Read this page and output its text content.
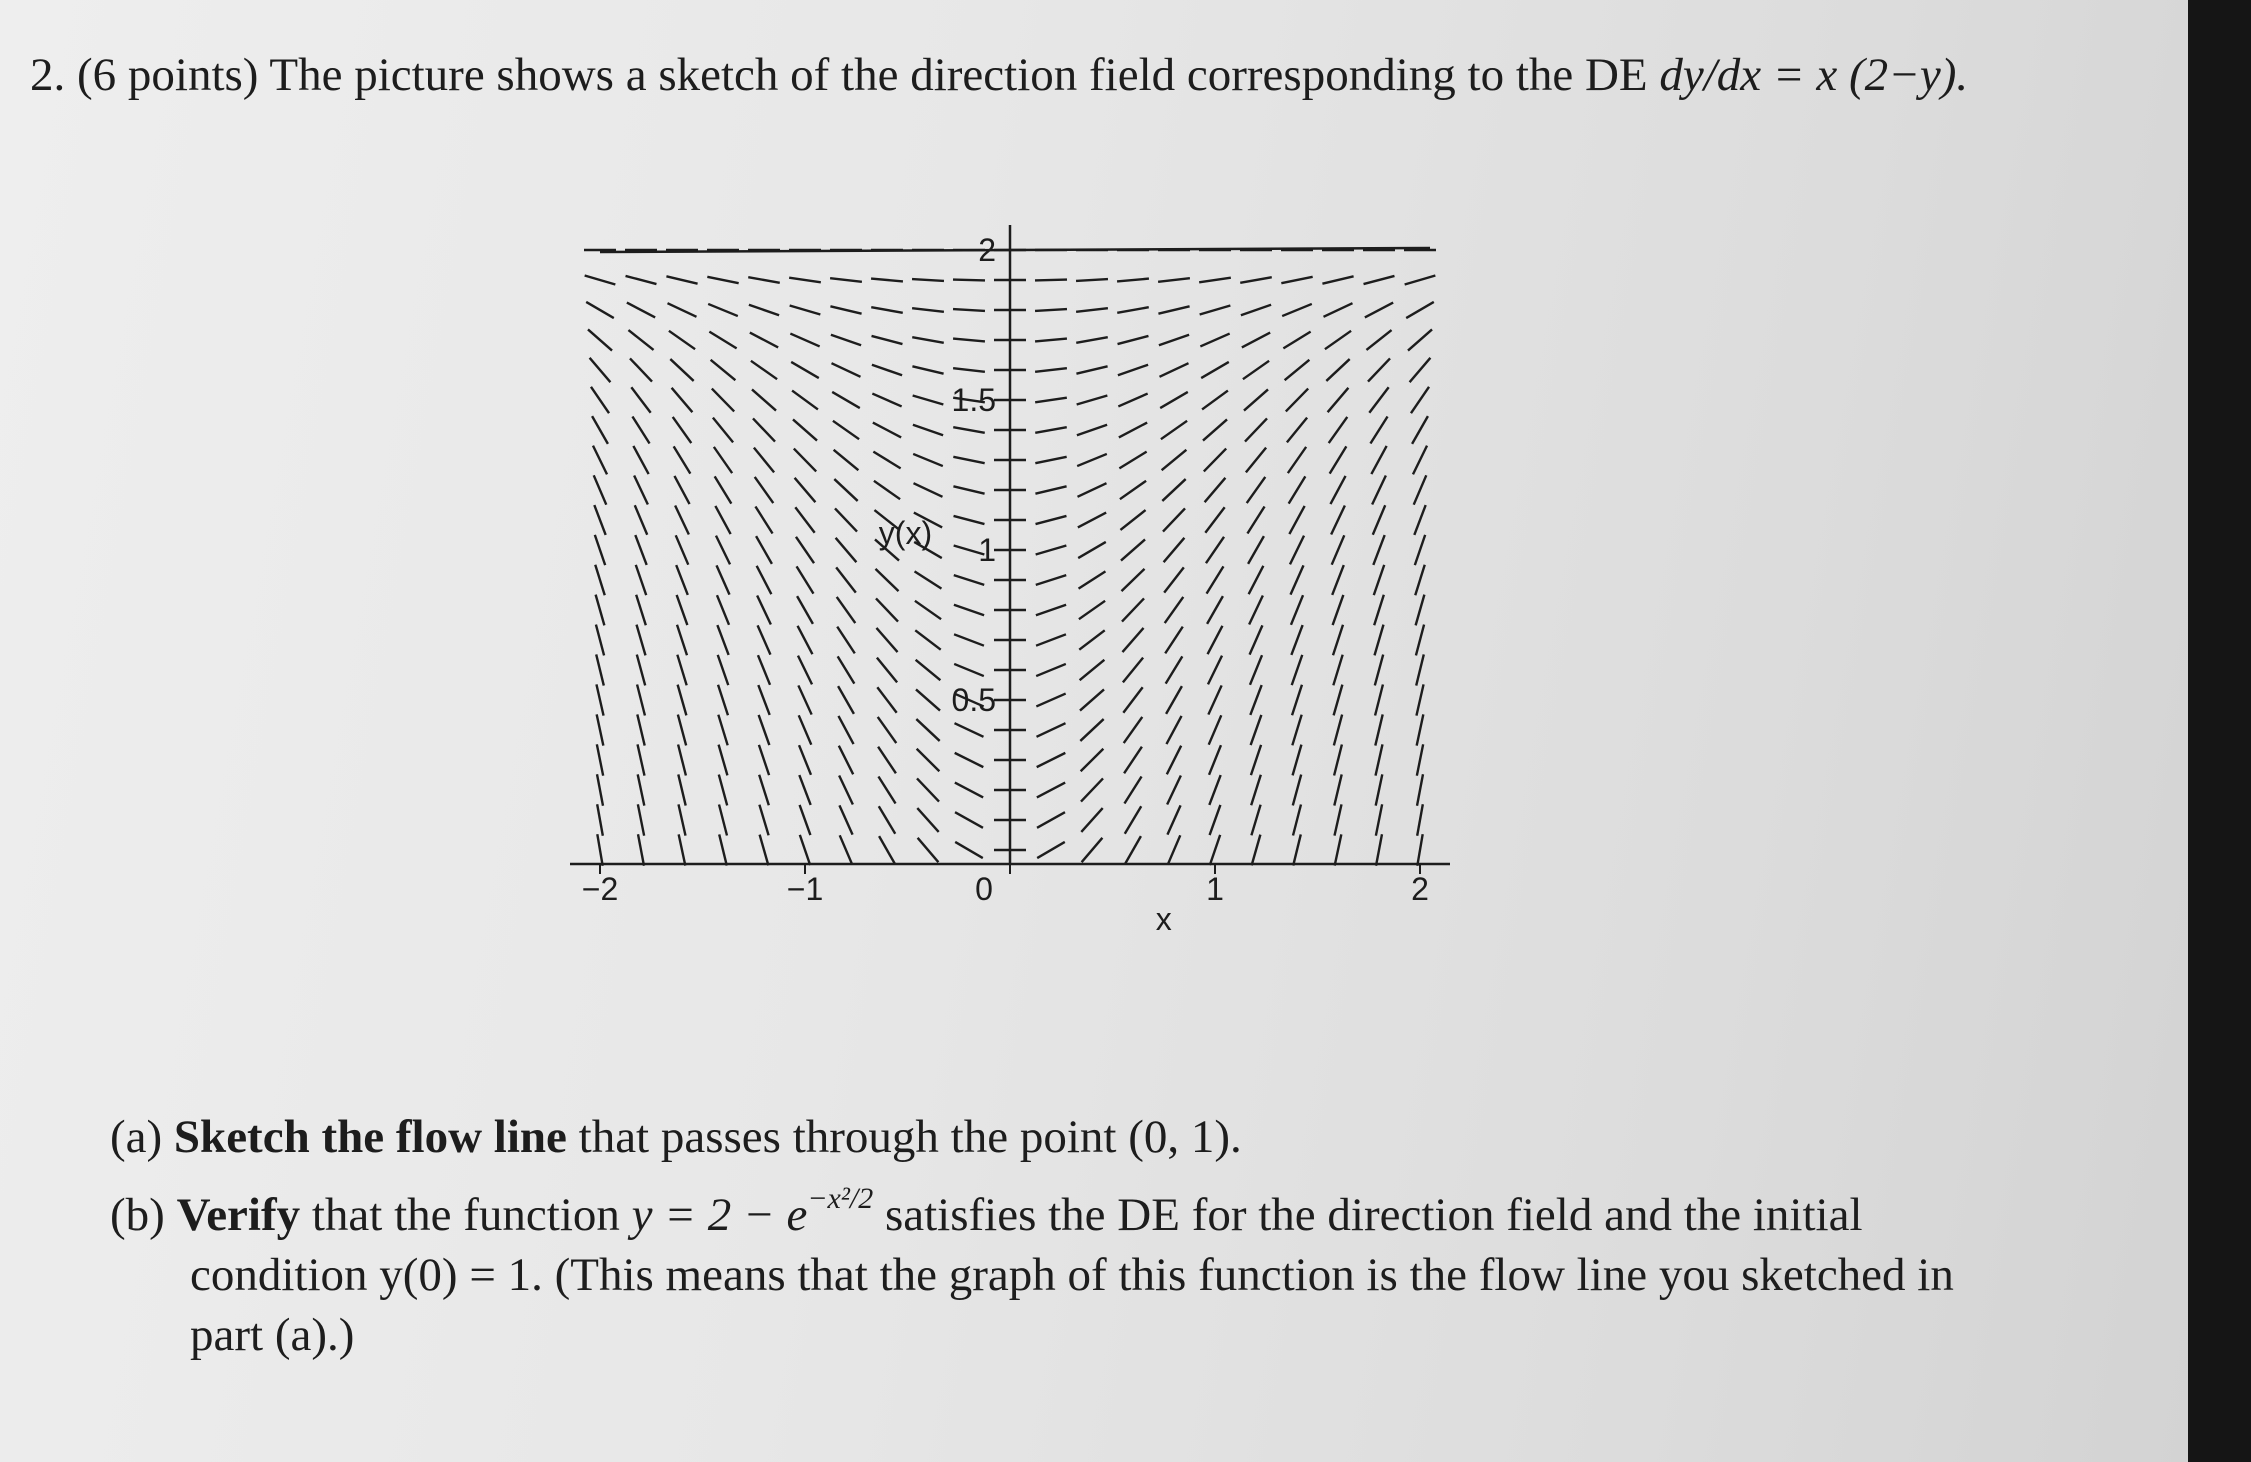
2. (6 points) The picture shows a sketch of the direction field corresponding to the DE dy/dx = x (2−y).
−2	−1	0	1	2
0.5
1
1.5
2
x
y(x)
(a) Sketch the flow line that passes through the point (0, 1).
(b) Verify that the function $y = 2 - e^{-x^2/2}$ satisfies the DE for the direction field and the initial
condition y(0) = 1. (This means that the graph of this function is the flow line you sketched in
part (a).)
